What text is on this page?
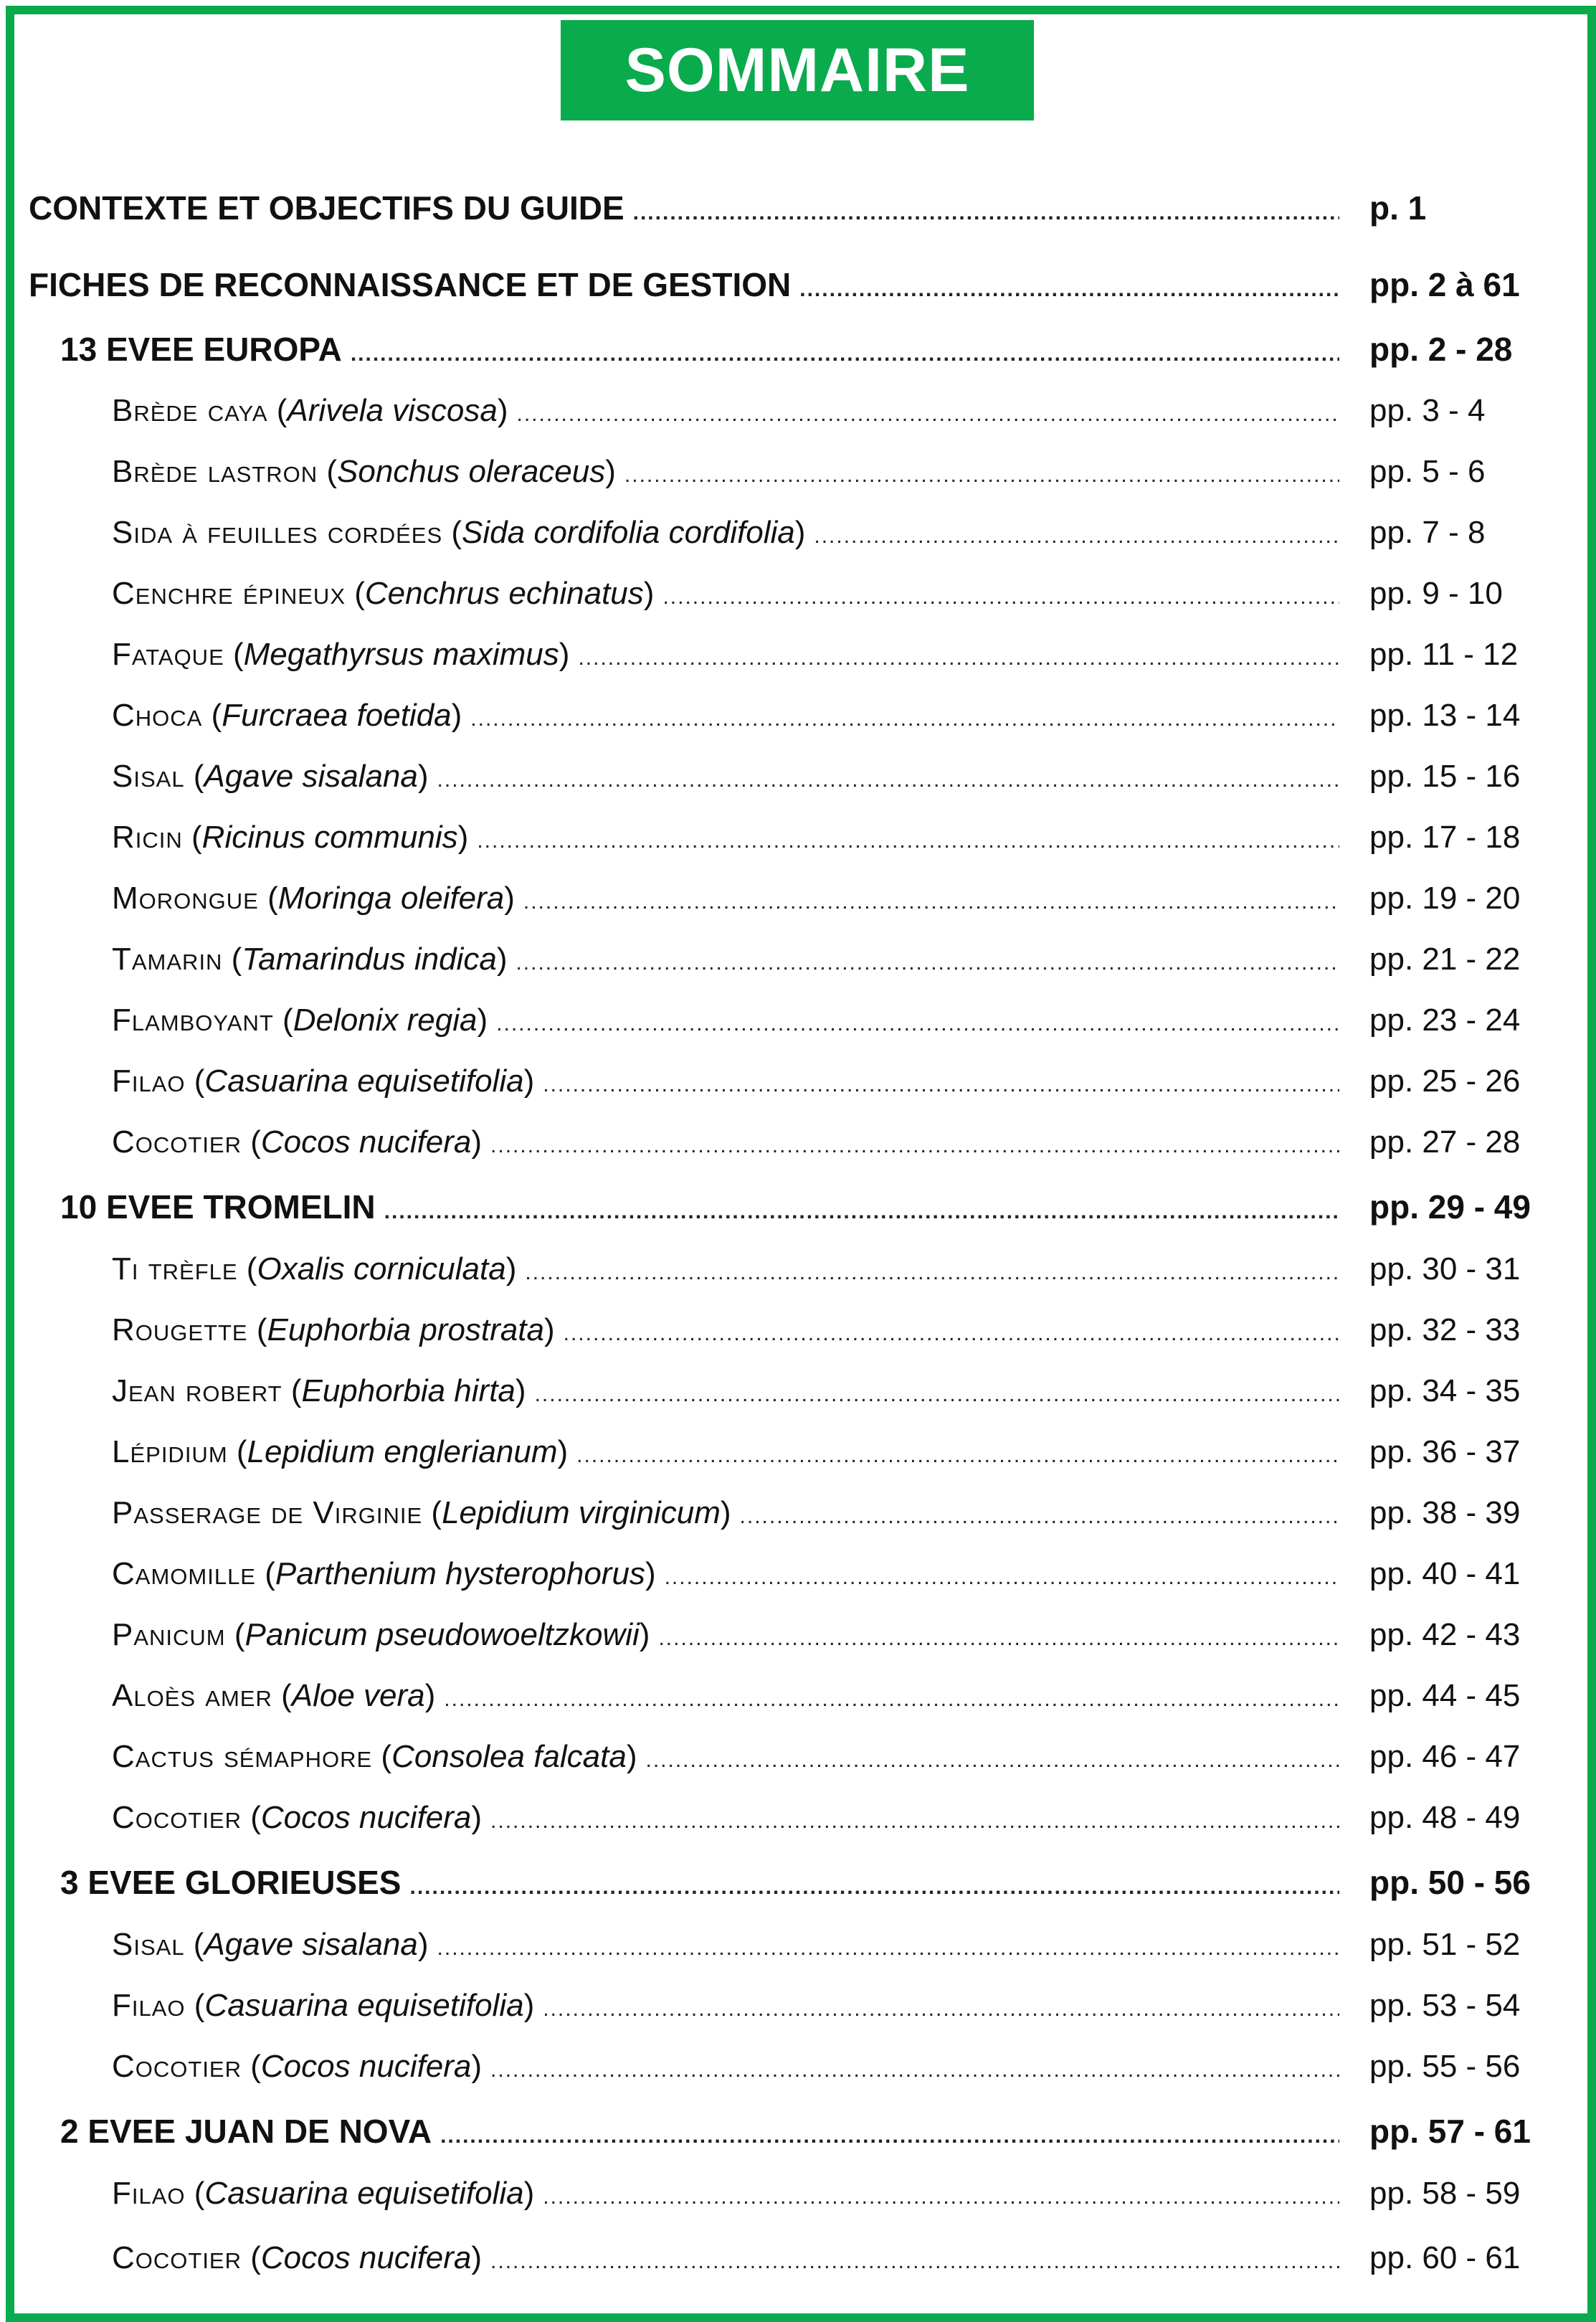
SOMMAIRE
CONTEXTE ET OBJECTIFS DU GUIDE .....	p. 1
FICHES DE RECONNAISSANCE ET DE GESTION .....	pp. 2 à 61
13 EVEE EUROPA .....	pp. 2 - 28
Brède caya (Arivela viscosa) .....	pp. 3 - 4
Brède lastron (Sonchus oleraceus) .....	pp. 5 - 6
Sida à feuilles cordées (Sida cordifolia cordifolia) .....	pp. 7 - 8
Cenchre épineux (Cenchrus echinatus) .....	pp. 9 - 10
Fataque (Megathyrsus maximus) .....	pp. 11 - 12
Choca (Furcraea foetida) .....	pp. 13 - 14
Sisal (Agave sisalana) .....	pp. 15 - 16
Ricin (Ricinus communis) .....	pp. 17 - 18
Morongue (Moringa oleifera) .....	pp. 19 - 20
Tamarin (Tamarindus indica) .....	pp. 21 - 22
Flamboyant (Delonix regia) .....	pp. 23 - 24
Filao (Casuarina equisetifolia) .....	pp. 25 - 26
Cocotier (Cocos nucifera) .....	pp. 27 - 28
10 EVEE TROMELIN .....	pp. 29 - 49
Ti trèfle (Oxalis corniculata) .....	pp. 30 - 31
Rougette (Euphorbia prostrata) .....	pp. 32 - 33
Jean robert (Euphorbia hirta) .....	pp. 34 - 35
Lépidium (Lepidium englerianum) .....	pp. 36 - 37
Passerage de Virginie (Lepidium virginicum) .....	pp. 38 - 39
Camomille (Parthenium hysterophorus) .....	pp. 40 - 41
Panicum (Panicum pseudowoeltzkowii) .....	pp. 42 - 43
Aloès amer (Aloe vera) .....	pp. 44 - 45
Cactus sémaphore (Consolea falcata) .....	pp. 46 - 47
Cocotier (Cocos nucifera) .....	pp. 48 - 49
3 EVEE GLORIEUSES .....	pp. 50 - 56
Sisal (Agave sisalana) .....	pp. 51 - 52
Filao (Casuarina equisetifolia) .....	pp. 53 - 54
Cocotier (Cocos nucifera) .....	pp. 55 - 56
2 EVEE JUAN DE NOVA .....	pp. 57 - 61
Filao (Casuarina equisetifolia) .....	pp. 58 - 59
Cocotier (Cocos nucifera) .....	pp. 60 - 61
